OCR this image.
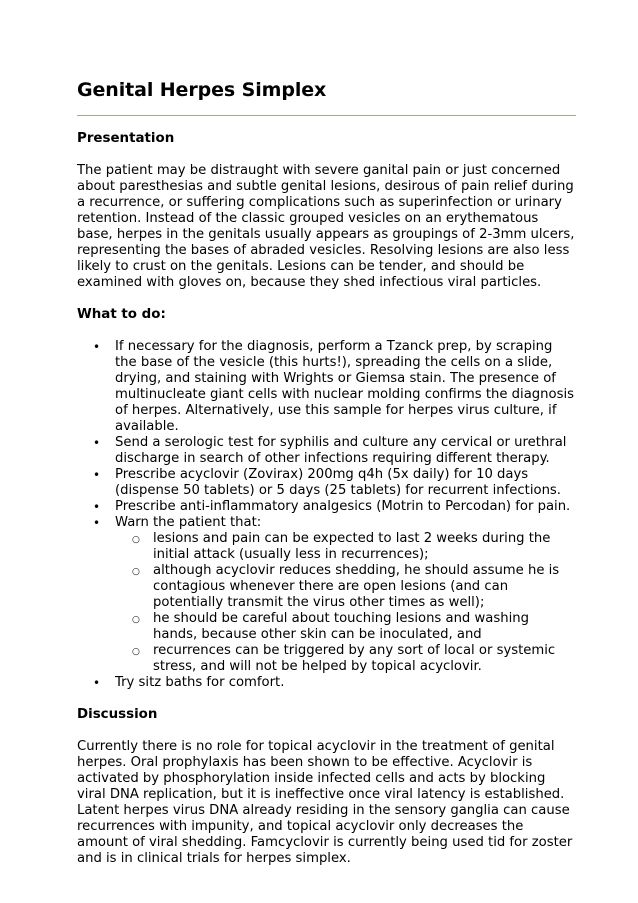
Genital Herpes Simplex
Presentation

The patient may be distraught with severe ganital pain or just concerned about paresthesias and subtle genital lesions, desirous of pain relief during a recurrence, or suffering complications such as superinfection or urinary retention. Instead of the classic grouped vesicles on an erythematous base, herpes in the genitals usually appears as groupings of 2-3mm ulcers, representing the bases of abraded vesicles. Resolving lesions are also less likely to crust on the genitals. Lesions can be tender, and should be examined with gloves on, because they shed infectious viral particles.

What to do:
• If necessary for the diagnosis, perform a Tzanck prep, by scraping the base of the vesicle (this hurts!), spreading the cells on a slide, drying, and staining with Wrights or Giemsa stain. The presence of multinucleate giant cells with nuclear molding confirms the diagnosis of herpes. Alternatively, use this sample for herpes virus culture, if available.
• Send a serologic test for syphilis and culture any cervical or urethral discharge in search of other infections requiring different therapy.
• Prescribe acyclovir (Zovirax) 200mg q4h (5x daily) for 10 days (dispense 50 tablets) or 5 days (25 tablets) for recurrent infections.
• Prescribe anti-inflammatory analgesics (Motrin to Percodan) for pain.
• Warn the patient that:
○ lesions and pain can be expected to last 2 weeks during the initial attack (usually less in recurrences);
○ although acyclovir reduces shedding, he should assume he is contagious whenever there are open lesions (and can potentially transmit the virus other times as well);
○ he should be careful about touching lesions and washing hands, because other skin can be inoculated, and
○ recurrences can be triggered by any sort of local or systemic stress, and will not be helped by topical acyclovir.
• Try sitz baths for comfort.
Discussion

Currently there is no role for topical acyclovir in the treatment of genital herpes. Oral prophylaxis has been shown to be effective. Acyclovir is activated by phosphorylation inside infected cells and acts by blocking viral DNA replication, but it is ineffective once viral latency is established. Latent herpes virus DNA already residing in the sensory ganglia can cause recurrences with impunity, and topical acyclovir only decreases the amount of viral shedding. Famcyclovir is currently being used tid for zoster and is in clinical trials for herpes simplex.
